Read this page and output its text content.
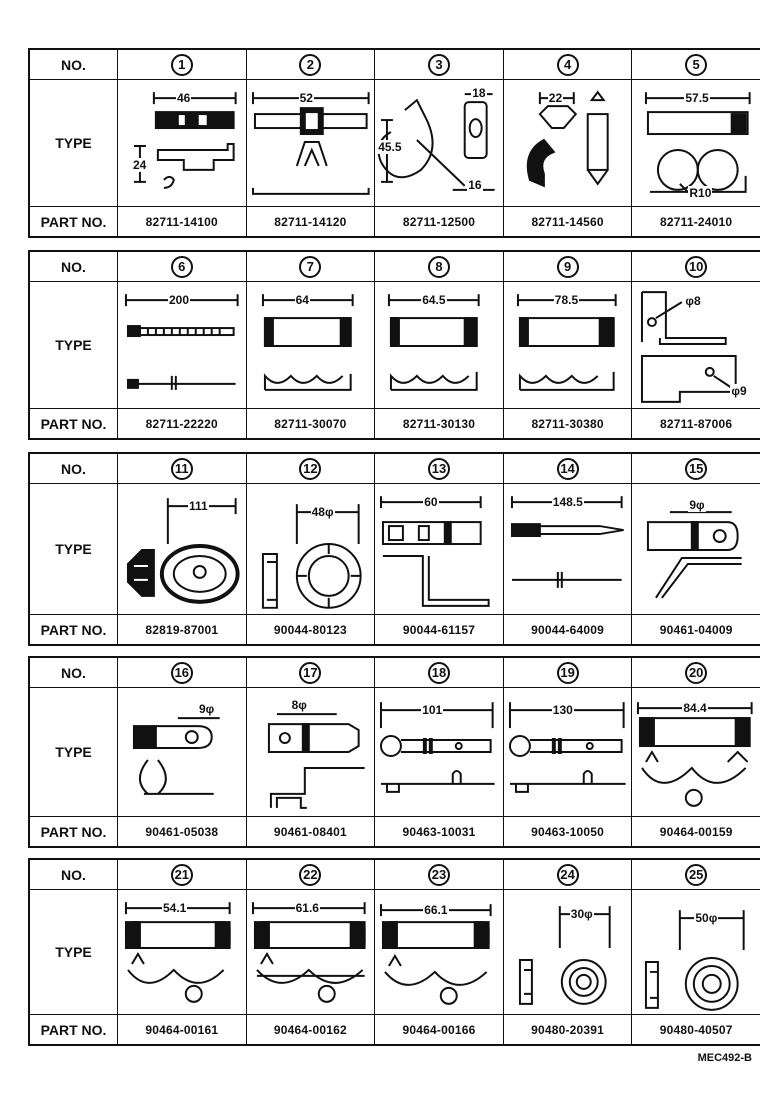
NO.	1	2	3	4	5
TYPE
46
24
52	18
45.5
16
22	57.5
R10
PART NO.	82711-14100	82711-14120	82711-12500	82711-14560	82711-24010
NO.	6	7	8	9	10
TYPE
200	64	64.5	78.5	φ8
φ9
PART NO.	82711-22220	82711-30070	82711-30130	82711-30380	82711-87006
NO.	11	12	13	14	15
TYPE
111	48φ
60	148.5	9φ
PART NO.	82819-87001	90044-80123	90044-61157	90044-64009	90461-04009
NO.	16	17	18	19	20
TYPE
9φ	8φ	101	130	84.4
PART NO.	90461-05038	90461-08401	90463-10031	90463-10050	90464-00159
NO.	21	22	23	24	25
TYPE
54.1	61.6	66.1	30φ	50φ
PART NO.	90464-00161	90464-00162	90464-00166	90480-20391	90480-40507
MEC492-B
